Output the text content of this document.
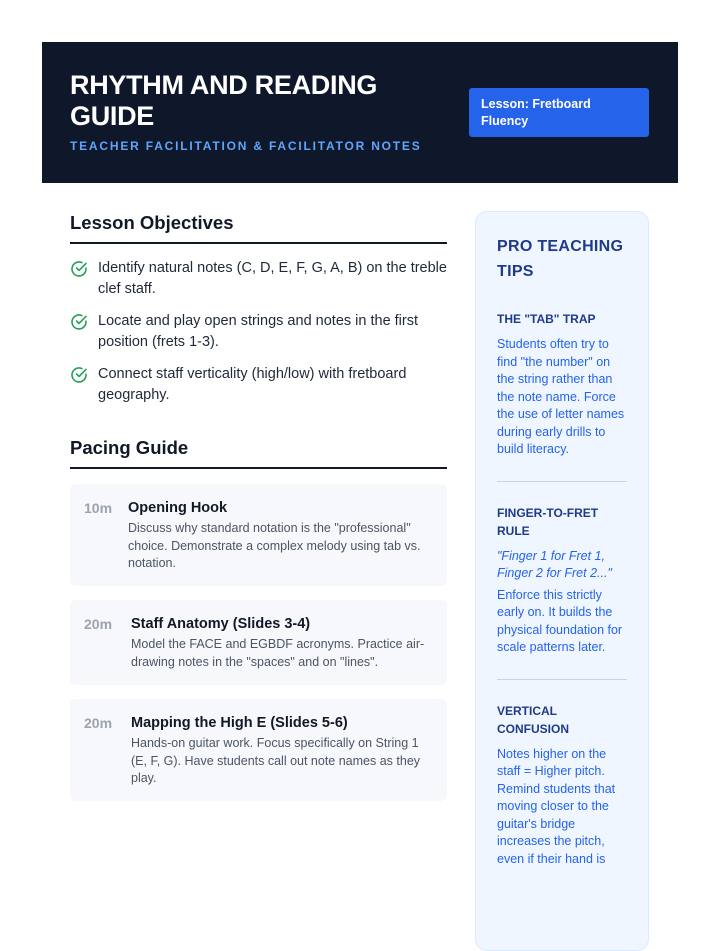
RHYTHM AND READING GUIDE

TEACHER FACILITATION & FACILITATOR NOTES

Lesson: Fretboard Fluency
Lesson Objectives
Identify natural notes (C, D, E, F, G, A, B) on the treble clef staff.
Locate and play open strings and notes in the first position (frets 1-3).
Connect staff verticality (high/low) with fretboard geography.
Pacing Guide
10m Opening Hook

Discuss why standard notation is the "professional" choice. Demonstrate a complex melody using tab vs. notation.

20m Staff Anatomy (Slides 3-4)

Model the FACE and EGBDF acronyms. Practice air-drawing notes in the "spaces" and on "lines".

20m Mapping the High E (Slides 5-6)

Hands-on guitar work. Focus specifically on String 1 (E, F, G). Have students call out note names as they play.

PRO TEACHING TIPS
THE "TAB" TRAP

Students often try to find "the number" on the string rather than the note name. Force the use of letter names during early drills to build literacy.

FINGER-TO-FRET RULE

"Finger 1 for Fret 1, Finger 2 for Fret 2..."

Enforce this strictly early on. It builds the physical foundation for scale patterns later.

VERTICAL CONFUSION

Notes higher on the staff = Higher pitch. Remind students that moving closer to the guitar's bridge increases the pitch, even if their hand is
